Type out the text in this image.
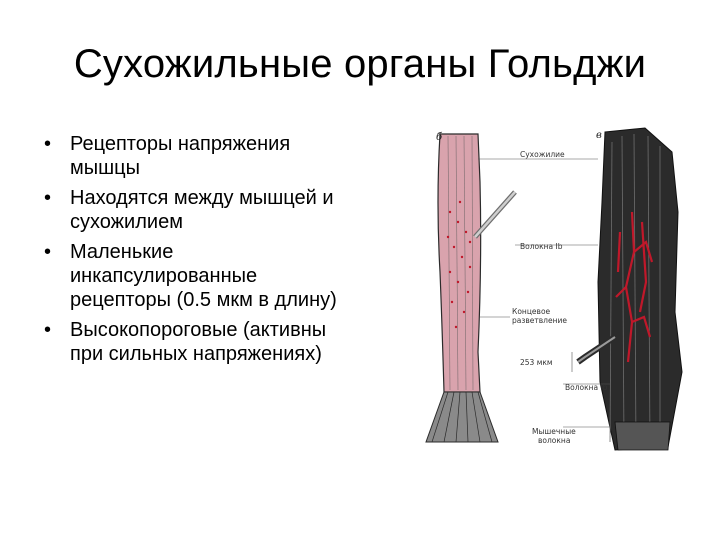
Сухожильные органы Гольджи
• Рецепторы напряжения мышцы
• Находятся между мышцей и сухожилием
• Маленькие инкапсулированные рецепторы (0.5 мкм в длину)
• Высокопороговые (активны при сильных напряжениях)
б	в
Сухожилие
Волокна Ib
Концевое
разветвление
253 мкм
Волокна Ib
Мышечные
волокна
